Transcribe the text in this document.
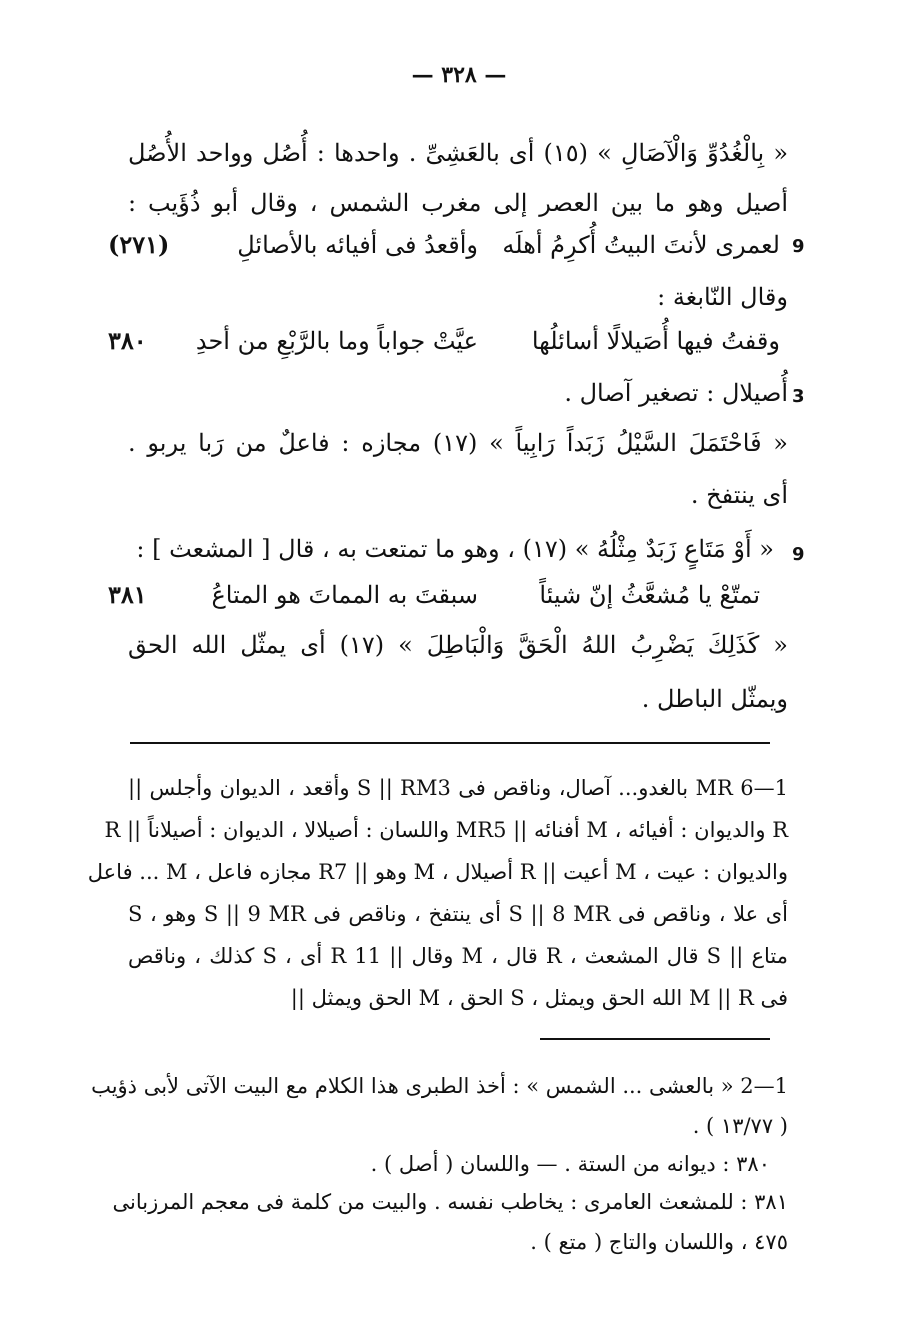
— ٣٢٨ —
« بِالْغُدُوِّ وَالْآصَالِ » (١٥) أى بالعَشِىِّ . واحدها : أُصُل وواحد الأُصُل
أصيل وهو ما بين العصر إلى مغرب الشمس ، وقال أبو ذُؤَيب :
9
لعمرى لأنتَ البيتُ أُكرِمُ أهلَه
وأقعدُ فى أفيائه بالأصائلِ
(٢٧١)
وقال النّابغة :
وقفتُ فيها أُصَيلالًا أسائلُها
عيَّتْ جواباً وما بالرَّبْعِ من أحدِ
٣٨٠
3
أُصيلال : تصغير آصال .
« فَاحْتَمَلَ السَّيْلُ زَبَداً رَابِياً » (١٧) مجازه : فاعلٌ من رَبا يربو .
أى ينتفخ .
9
« أَوْ مَتَاعٍ زَبَدٌ مِثْلُهُ » (١٧) ، وهو ما تمتعت به ، قال [ المشعث ] :
تمتّعْ يا مُشعَّثُ إنّ شيئاً
سبقتَ به المماتَ هو المتاعُ
٣٨١
« كَذَلِكَ يَضْرِبُ اللهُ الْحَقَّ وَالْبَاطِلَ » (١٧) أى يمثّل الله الحق
ويمثّل الباطل .
1—6 MR بالغدو... آصال، وناقص فى S || RM3 وأقعد ، الديوان وأجلس ||
R والديوان : أفيائه ، M أفنائه || MR5 واللسان : أصيلالا ، الديوان : أصيلاناً || R
والديوان : عيت ، M أعيت || R أصيلال ، M وهو || R7 مجازه فاعل ، M ... فاعل
أى علا ، وناقص فى S || 8 MR أى ينتفخ ، وناقص فى S || 9 MR وهو ، S
متاع || S قال المشعث ، R قال ، M وقال || 11 R أى ، S كذلك ، وناقص
فى M || R الله الحق ويمثل ، S الحق ، M الحق ويمثل ||
1—2 « بالعشى ... الشمس » : أخذ الطبرى هذا الكلام مع البيت الآتى لأبى ذؤيب
( ١٣/٧٧ ) .
٣٨٠ : ديوانه من الستة . — واللسان ( أصل ) .
٣٨١ : للمشعث العامرى : يخاطب نفسه . والبيت من كلمة فى معجم المرزبانى
٤٧٥ ، واللسان والتاج ( متع ) .
